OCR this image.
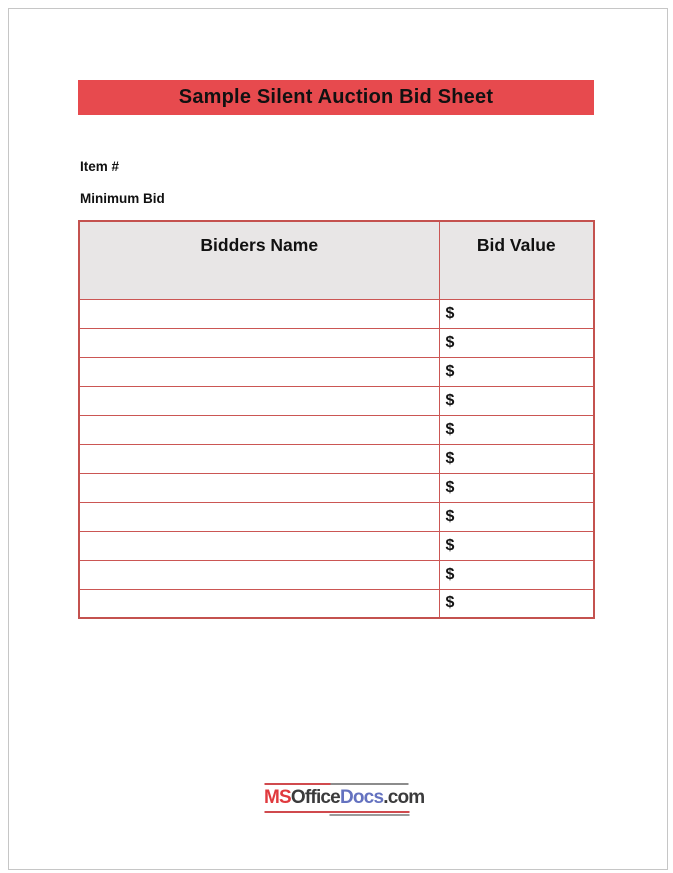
Sample Silent Auction Bid Sheet
Item #
Minimum Bid
Bidders Name	Bid Value
	$
	$
	$
	$
	$
	$
	$
	$
	$
	$
	$
MSOfficeDocs.com
